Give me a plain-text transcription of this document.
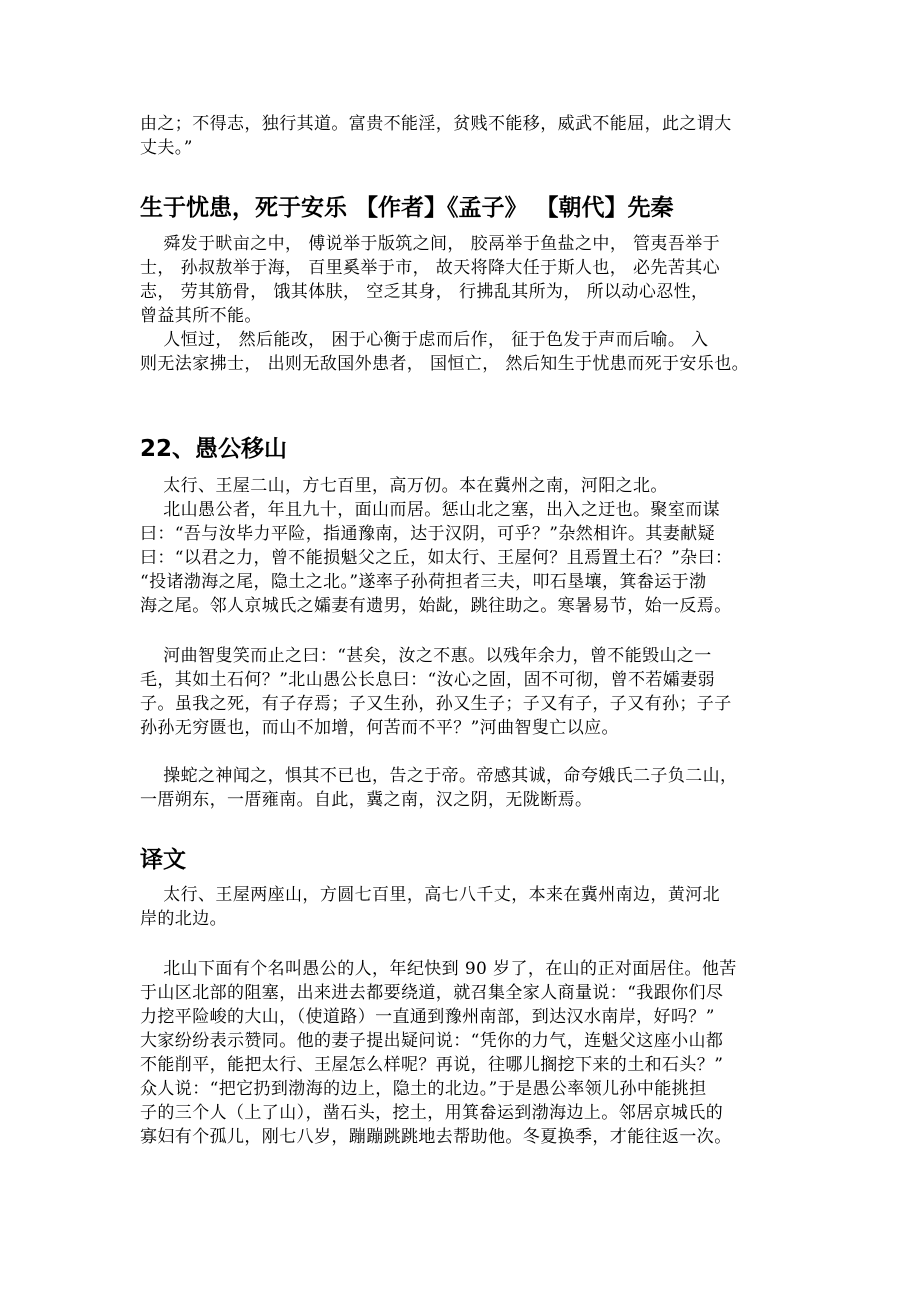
由之；不得志，独行其道。富贵不能淫，贫贱不能移，威武不能屈，此之谓大
丈夫。”
生于忧患，死于安乐 【作者】《孟子》 【朝代】先秦
舜发于畎亩之中， 傅说举于版筑之间， 胶鬲举于鱼盐之中， 管夷吾举于
士， 孙叔敖举于海， 百里奚举于市， 故天将降大任于斯人也， 必先苦其心
志， 劳其筋骨， 饿其体肤， 空乏其身， 行拂乱其所为， 所以动心忍性，
曾益其所不能。
人恒过， 然后能改， 困于心衡于虑而后作， 征于色发于声而后喻。 入
则无法家拂士， 出则无敌国外患者， 国恒亡， 然后知生于忧患而死于安乐也。
22、愚公移山
太行、王屋二山，方七百里，高万仞。本在冀州之南，河阳之北。
北山愚公者，年且九十，面山而居。惩山北之塞，出入之迂也。聚室而谋
曰：“吾与汝毕力平险，指通豫南，达于汉阴，可乎？”杂然相许。其妻献疑
曰：“以君之力，曾不能损魁父之丘，如太行、王屋何？且焉置土石？”杂曰：
“投诸渤海之尾，隐土之北。”遂率子孙荷担者三夫，叩石垦壤，箕畚运于渤
海之尾。邻人京城氏之孀妻有遗男，始龀，跳往助之。寒暑易节，始一反焉。
河曲智叟笑而止之曰：“甚矣，汝之不惠。以残年余力，曾不能毁山之一
毛，其如土石何？”北山愚公长息曰：“汝心之固，固不可彻，曾不若孀妻弱
子。虽我之死，有子存焉；子又生孙，孙又生子；子又有子，子又有孙；子子
孙孙无穷匮也，而山不加增，何苦而不平？”河曲智叟亡以应。
操蛇之神闻之，惧其不已也，告之于帝。帝感其诚，命夸娥氏二子负二山，
一厝朔东，一厝雍南。自此，冀之南，汉之阴，无陇断焉。
译文
太行、王屋两座山，方圆七百里，高七八千丈，本来在冀州南边，黄河北
岸的北边。
北山下面有个名叫愚公的人，年纪快到 90 岁了，在山的正对面居住。他苦
于山区北部的阻塞，出来进去都要绕道，就召集全家人商量说：“我跟你们尽
力挖平险峻的大山，（使道路）一直通到豫州南部，到达汉水南岸，好吗？”
大家纷纷表示赞同。他的妻子提出疑问说：“凭你的力气，连魁父这座小山都
不能削平，能把太行、王屋怎么样呢？再说，往哪儿搁挖下来的土和石头？”
众人说：“把它扔到渤海的边上，隐土的北边。”于是愚公率领儿孙中能挑担
子的三个人（上了山），凿石头，挖土，用箕畚运到渤海边上。邻居京城氏的
寡妇有个孤儿，刚七八岁，蹦蹦跳跳地去帮助他。冬夏换季，才能往返一次。
